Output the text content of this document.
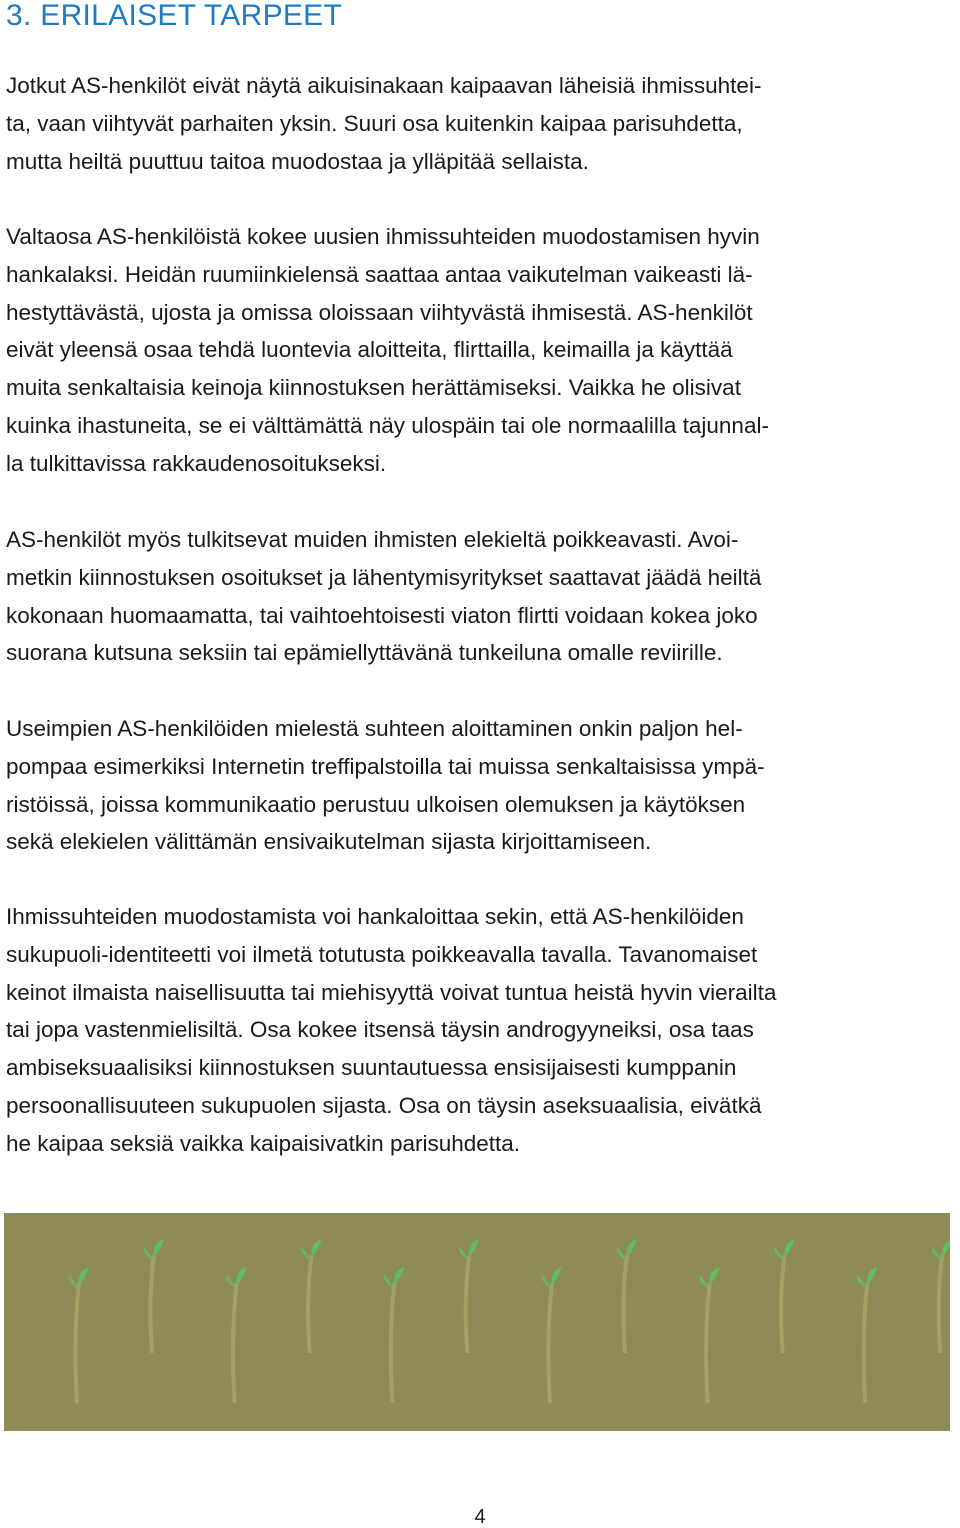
3. ERILAISET TARPEET
Jotkut AS-henkilöt eivät näytä aikuisinakaan kaipaavan läheisiä ihmissuhtei-
ta, vaan viihtyvät parhaiten yksin. Suuri osa kuitenkin kaipaa parisuhdetta,
mutta heiltä puuttuu taitoa muodostaa ja ylläpitää sellaista.
Valtaosa AS-henkilöistä kokee uusien ihmissuhteiden muodostamisen hyvin
hankalaksi. Heidän ruumiinkielensä saattaa antaa vaikutelman vaikeasti lä-
hestyttävästä, ujosta ja omissa oloissaan viihtyvästä ihmisestä. AS-henkilöt
eivät yleensä osaa tehdä luontevia aloitteita, flirttailla, keimailla ja käyttää
muita senkaltaisia keinoja kiinnostuksen herättämiseksi. Vaikka he olisivat
kuinka ihastuneita, se ei välttämättä näy ulospäin tai ole normaalilla tajunnal-
la tulkittavissa rakkaudenosoitukseksi.
AS-henkilöt myös tulkitsevat muiden ihmisten elekieltä poikkeavasti. Avoi-
metkin kiinnostuksen osoitukset ja lähentymisyritykset saattavat jäädä heiltä
kokonaan huomaamatta, tai vaihtoehtoisesti viaton flirtti voidaan kokea joko
suorana kutsuna seksiin tai epämiellyttävänä tunkeiluna omalle reviirille.
Useimpien AS-henkilöiden mielestä suhteen aloittaminen onkin paljon hel-
pompaa esimerkiksi Internetin treffipalstoilla tai muissa senkaltaisissa ympä-
ristöissä, joissa kommunikaatio perustuu ulkoisen olemuksen ja käytöksen
sekä elekielen välittämän ensivaikutelman sijasta kirjoittamiseen.
Ihmissuhteiden muodostamista voi hankaloittaa sekin, että AS-henkilöiden
sukupuoli-identiteetti voi ilmetä totutusta poikkeavalla tavalla. Tavanomaiset
keinot ilmaista naisellisuutta tai miehisyyttä voivat tuntua heistä hyvin vierailta
tai jopa vastenmielisiltä. Osa kokee itsensä täysin androgyyneiksi, osa taas
ambiseksuaalisiksi kiinnostuksen suuntautuessa ensisijaisesti kumppanin
persoonallisuuteen sukupuolen sijasta. Osa on täysin aseksuaalisia, eivätkä
he kaipaa seksiä vaikka kaipaisivatkin parisuhdetta.
4
